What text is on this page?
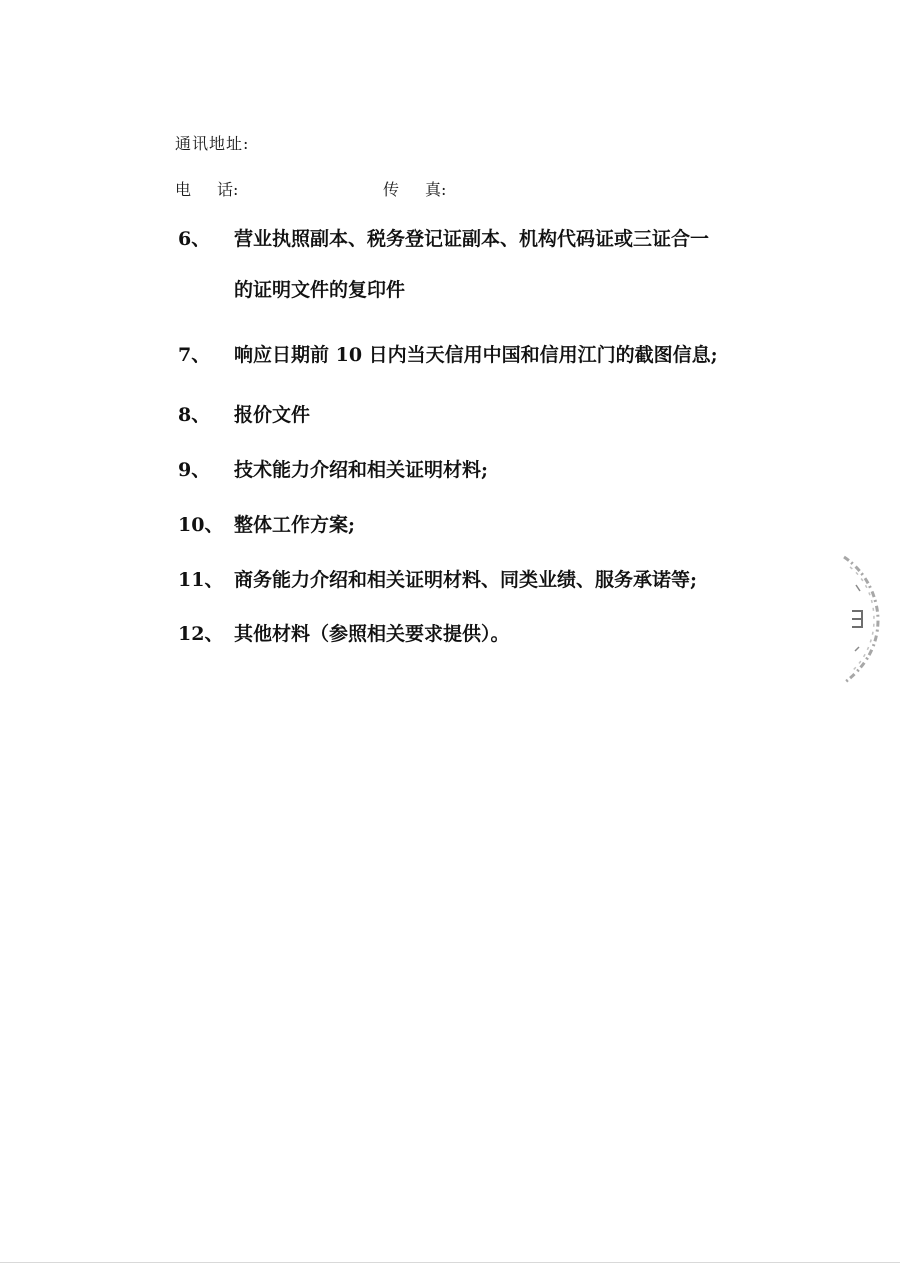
通讯地址:
电 话:	传 真:
6、	营业执照副本、税务登记证副本、机构代码证或三证合一
的证明文件的复印件
7、	响应日期前 10 日内当天信用中国和信用江门的截图信息;
8、	报价文件
9、	技术能力介绍和相关证明材料;
10、 整体工作方案;
11、 商务能力介绍和相关证明材料、同类业绩、服务承诺等;
12、 其他材料（参照相关要求提供）。
